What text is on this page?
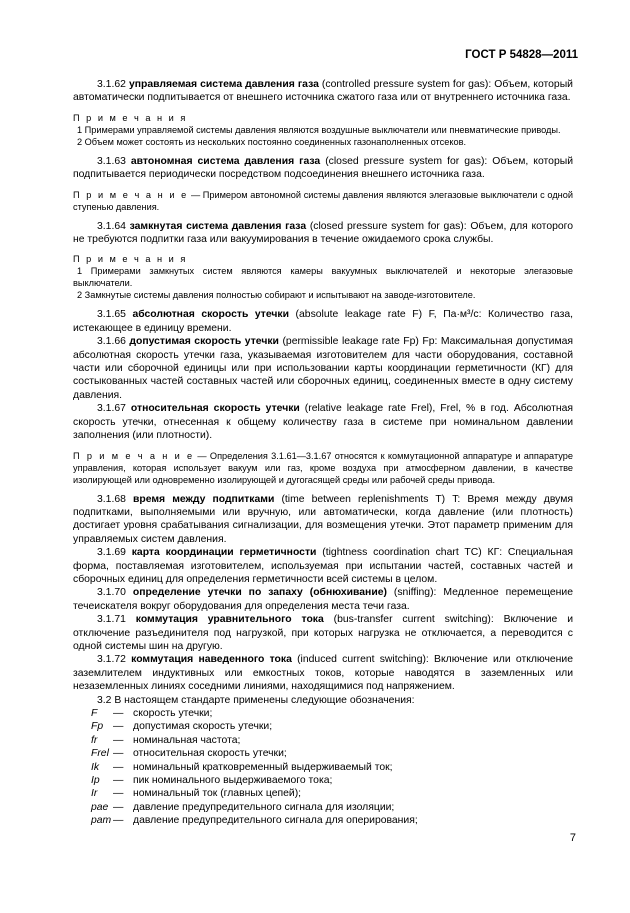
ГОСТ Р 54828—2011

3.1.62 управляемая система давления газа (controlled pressure system for gas): Объем, который автоматически подпитывается от внешнего источника сжатого газа или от внутреннего источника газа.

П р и м е ч а н и я

1 Примерами управляемой системы давления являются воздушные выключатели или пневматические приводы.

2 Объем может состоять из нескольких постоянно соединенных газонаполненных отсеков.

3.1.63 автономная система давления газа (closed pressure system for gas): Объем, который подпитывается периодически посредством подсоединения внешнего источника газа.

П р и м е ч а н и е — Примером автономной системы давления являются элегазовые выключатели с одной ступенью давления.

3.1.64 замкнутая система давления газа (closed pressure system for gas): Объем, для которого не требуются подпитки газа или вакуумирования в течение ожидаемого срока службы.

П р и м е ч а н и я

1 Примерами замкнутых систем являются камеры вакуумных выключателей и некоторые элегазовые выключатели.

2 Замкнутые системы давления полностью собирают и испытывают на заводе-изготовителе.

3.1.65 абсолютная скорость утечки (absolute leakage rate F) F, Па·м³/с: Количество газа, истекающее в единицу времени.

3.1.66 допустимая скорость утечки (permissible leakage rate Fp) Fp: Максимальная допустимая абсолютная скорость утечки газа, указываемая изготовителем для части оборудования, составной части или сборочной единицы или при использовании карты координации герметичности (КГ) для состыкованных частей составных частей или сборочных единиц, соединенных вместе в одну систему давления.

3.1.67 относительная скорость утечки (relative leakage rate Frel), Frel, % в год. Абсолютная скорость утечки, отнесенная к общему количеству газа в системе при номинальном давлении заполнения (или плотности).

П р и м е ч а н и е — Определения 3.1.61—3.1.67 относятся к коммутационной аппаратуре и аппаратуре управления, которая использует вакуум или газ, кроме воздуха при атмосферном давлении, в качестве изолирующей или одновременно изолирующей и дугогасящей среды или рабочей среды привода.

3.1.68 время между подпитками (time between replenishments T) T: Время между двумя подпитками, выполняемыми или вручную, или автоматически, когда давление (или плотность) достигает уровня срабатывания сигнализации, для возмещения утечки. Этот параметр применим для управляемых систем давления.

3.1.69 карта координации герметичности (tightness coordination chart TC) КГ: Специальная форма, поставляемая изготовителем, используемая при испытании частей, составных частей и сборочных единиц для определения герметичности всей системы в целом.

3.1.70 определение утечки по запаху (обнюхивание) (sniffing): Медленное перемещение течеискателя вокруг оборудования для определения места течи газа.

3.1.71 коммутация уравнительного тока (bus-transfer current switching): Включение и отключение разъединителя под нагрузкой, при которых нагрузка не отключается, а переводится с одной системы шин на другую.

3.1.72 коммутация наведенного тока (induced current switching): Включение или отключение заземлителем индуктивных или емкостных токов, которые наводятся в заземленных или незаземленных линиях соседними линиями, находящимися под напряжением.

3.2 В настоящем стандарте применены следующие обозначения:

F	— скорость утечки;
Fp — допустимая скорость утечки;
fr	— номинальная частота;
Frel — относительная скорость утечки;
Ik	— номинальный кратковременный выдерживаемый ток;
Ip	— пик номинального выдерживаемого тока;
Ir	— номинальный ток (главных цепей);
pae — давление предупредительного сигнала для изоляции;
pam — давление предупредительного сигнала для оперирования;
7
